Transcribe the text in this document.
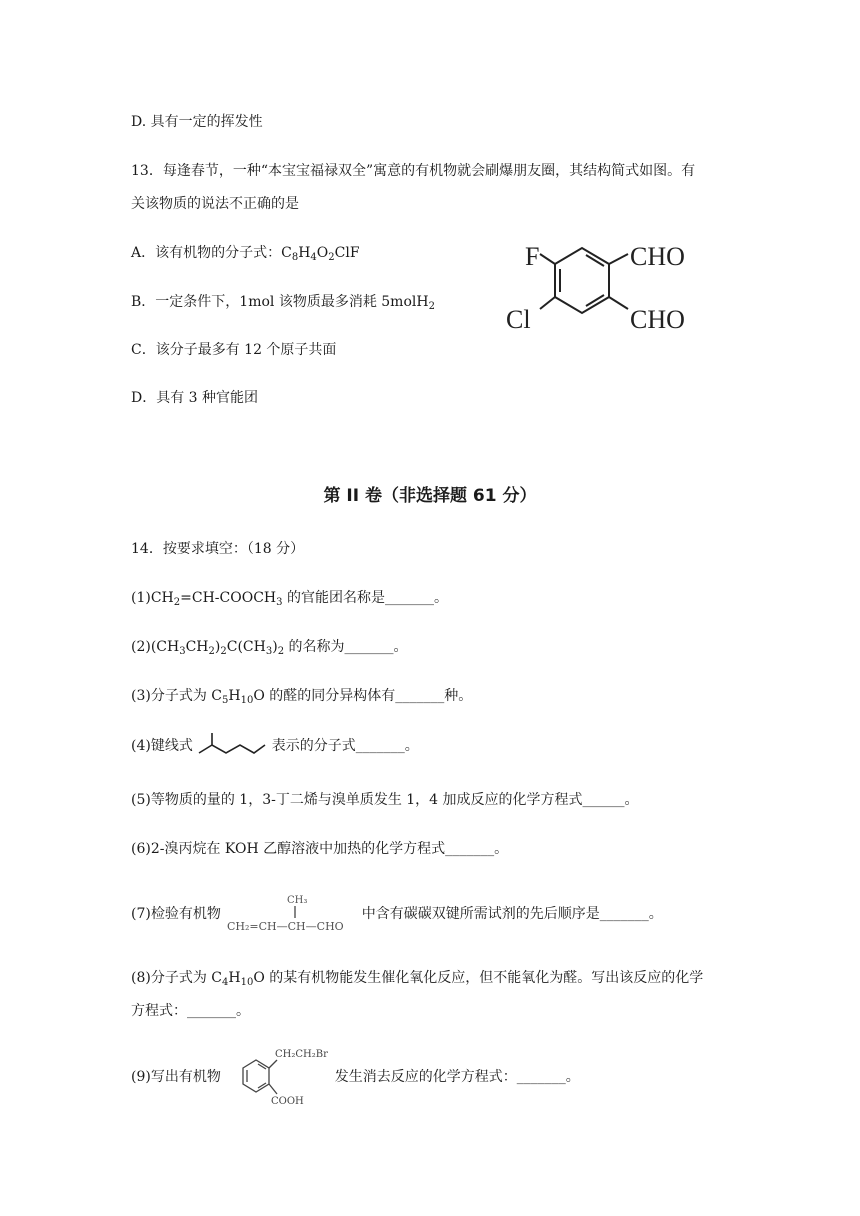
D. 具有一定的挥发性
13．每逢春节，一种“本宝宝福禄双全”寓意的有机物就会刷爆朋友圈，其结构简式如图。有
关该物质的说法不正确的是
A．该有机物的分子式：$C_8H_4O_2ClF$
B．一定条件下，1mol 该物质最多消耗 5molH$_2$
C．该分子最多有 12 个原子共面
D．具有 3 种官能团
F
Cl
CHO
CHO
第 II 卷（非选择题 61 分）
14．按要求填空：（18 分）
$(1)CH_2=CH-COOCH_3$ 的官能团名称是_______。
$(2)(CH_3CH_2)_2C(CH_3)_2$ 的名称为_______。
(3)分子式为 $C_5H_{10}O$ 的醛的同分异构体有_______种。
(4)键线式	表示的分子式_______。
(5)等物质的量的 1，3-丁二烯与溴单质发生 1，4 加成反应的化学方程式______。
(6)2-溴丙烷在 KOH 乙醇溶液中加热的化学方程式_______。
(7)检验有机物
CH₃
CH₂=CH—CH—CHO
中含有碳碳双键所需试剂的先后顺序是_______。
(8)分子式为 $C_4H_{10}O$ 的某有机物能发生催化氧化反应，但不能氧化为醛。写出该反应的化学
方程式：_______。
(9)写出有机物
CH₂CH₂Br
COOH
发生消去反应的化学方程式：_______。
